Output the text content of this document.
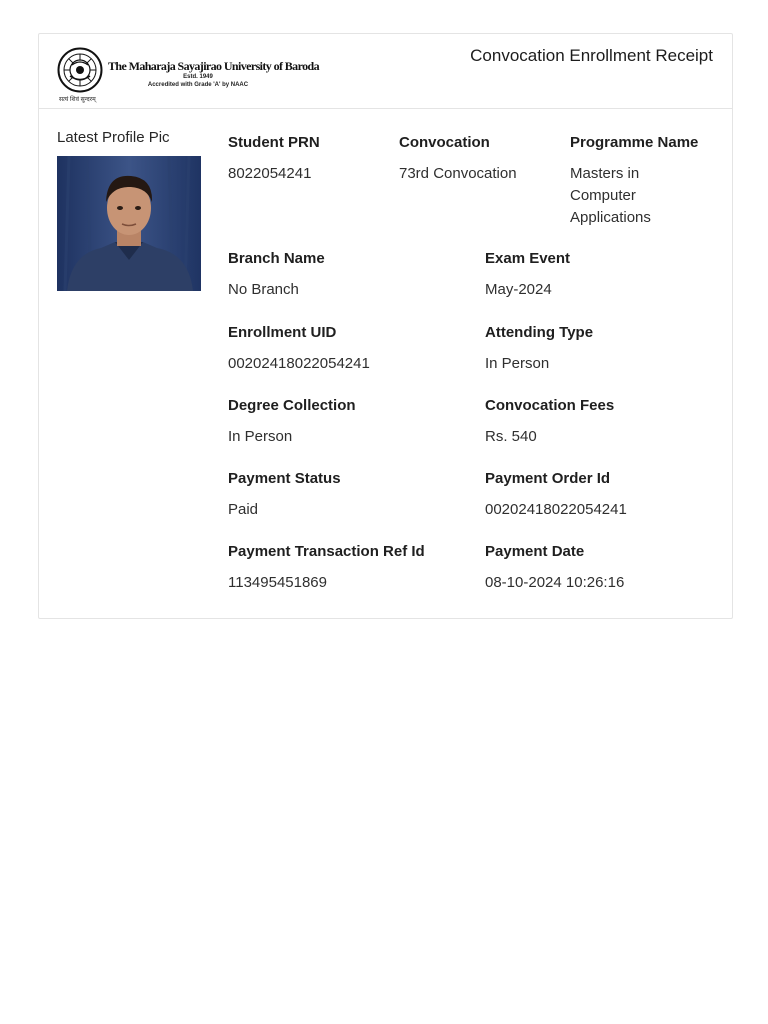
The Maharaja Sayajirao University of Baroda
Estd. 1949
Accredited with Grade 'A' by NAAC
सत्यं शिवं सुन्दरम्
Convocation Enrollment Receipt
Latest Profile Pic	Student PRN
8022054241
Convocation
73rd Convocation
Programme Name
Masters in Computer Applications
Branch Name
No Branch
Exam Event
May-2024
Enrollment UID
00202418022054241
Attending Type
In Person
Degree Collection
In Person
Convocation Fees
Rs. 540
Payment Status
Paid
Payment Order Id
00202418022054241
Payment Transaction Ref Id
113495451869
Payment Date
08-10-2024 10:26:16
